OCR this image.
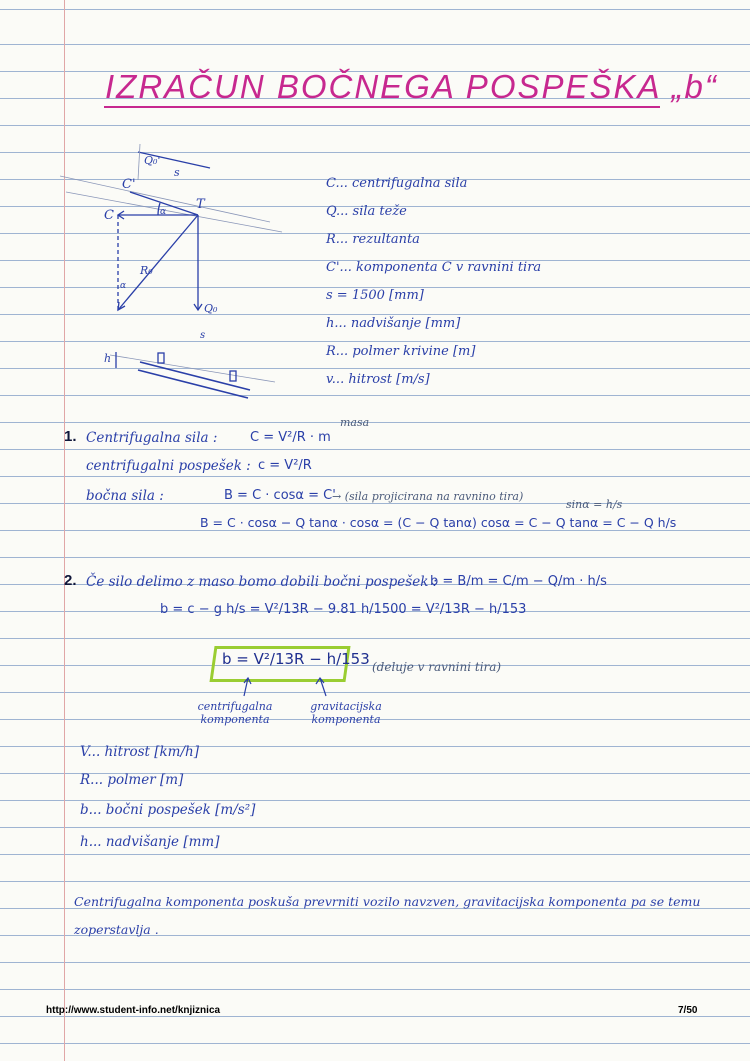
IZRAČUN BOČNEGA POSPEŠKA „b“
Q₀'
s
C'
C	α T
R₀
α
Q₀
h
s
C... centrifugalna sila
Q... sila teže
R... rezultanta
C'... komponenta C v ravnini tira
s = 1500 [mm]
h... nadvišanje [mm]
R... polmer krivine [m]
v... hitrost [m/s]
1. Centrifugalna sila :	C = V²/R · m
masa
centrifugalni pospešek : c = V²/R
bočna sila :	B = C · cosα = C'
→ (sila projicirana na ravnino tira)
sinα = h/s
B = C · cosα − Q tanα · cosα = (C − Q tanα) cosα = C − Q tanα = C − Q h/s
2. Če silo delimo z maso bomo dobili bočni pospešek :
b = B/m = C/m − Q/m · h/s
b = c − g h/s = V²/13R − 9.81 h/1500 = V²/13R − h/153
b = V²/13R − h/153 (deluje v ravnini tira)
centrifugalna komponenta
gravitacijska komponenta
V... hitrost [km/h]
R... polmer [m]
b... bočni pospešek [m/s²]
h... nadvišanje [mm]
Centrifugalna komponenta poskuša prevrniti vozilo navzven, gravitacijska komponenta pa se temu
zoperstavlja .
http://www.student-info.net/knjiznica	7/50
